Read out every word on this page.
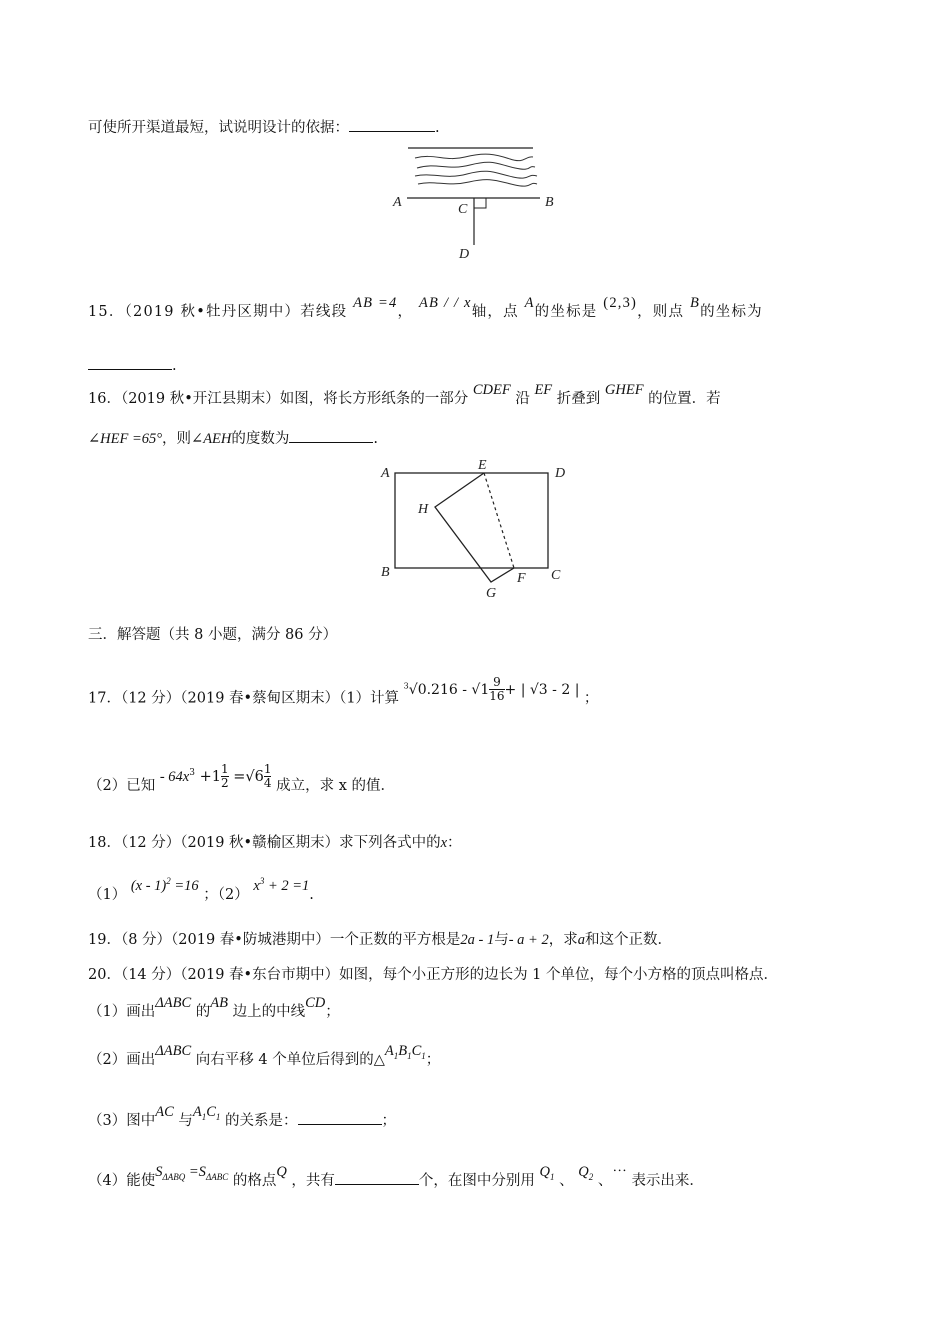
可使所开渠道最短，试说明设计的依据：	.
A	B
C
D
15．（2019 秋•牡丹区期中）若线段 AB =4， AB / / x轴，点 A的坐标是 (2,3)，则点 B的坐标为
.
16．（2019 秋•开江县期末）如图，将长方形纸条的一部分 CDEF 沿 EF 折叠到 GHEF 的位置．若
∠HEF =65°，则∠AEH的度数为	.
A
E
D
H
B	F C
G
三．解答题（共 8 小题，满分 86 分）
17．（12 分）（2019 春•蔡甸区期末）（1）计算 $^3√0.216 - √1 \frac{9}{16}$ + | √3 - 2 | ；
（2）已知 - $64x^3 +1 \frac{1}{2} =√6 \frac{1}{4}$ 成立，求 x 的值．
18．（12 分）（2019 秋•赣榆区期末）求下列各式中的x：
（1） (x - 1)$^2$ =16 ；（2） $x^3 + 2 =1$.
19．（8 分）（2019 春•防城港期中）一个正数的平方根是2a - 1与- a + 2，求a和这个正数．
20．（14 分）（2019 春•东台市期中）如图，每个小正方形的边长为 1 个单位，每个小方格的顶点叫格点．
（1）画出ΔABC 的AB 边上的中线CD；
（2）画出ΔABC 向右平移 4 个单位后得到的$\triangle A_1B_1C_1$；
（3）图中AC 与$A_1C_1$ 的关系是：	；
（4）能使$S_{\Delta ABQ} =S_{\Delta ABC}$ 的格点Q ，共有	个，在图中分别用 $Q_1$ 、 $Q_2$ 、⋯ 表示出来．
